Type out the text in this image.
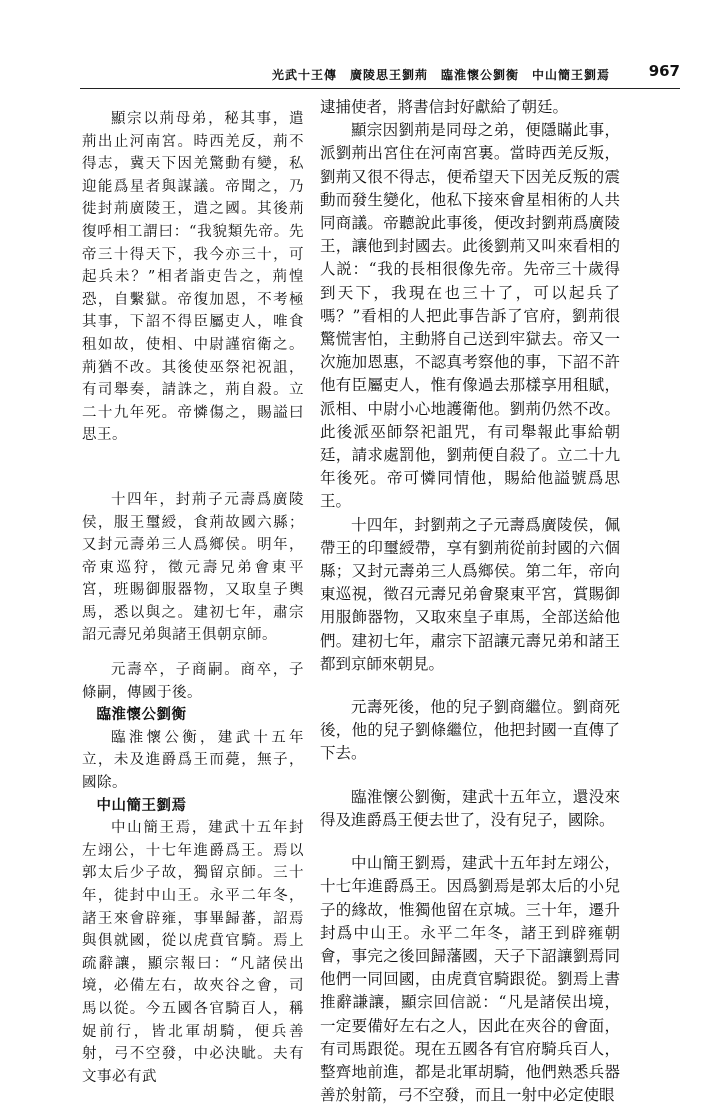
光武十王傳　廣陵思王劉荊　臨淮懷公劉衡　中山簡王劉焉	967

顯宗以荊母弟，秘其事，遣荊出止河南宮。時西羌反，荊不得志，冀天下因羌驚動有變，私迎能爲星者與謀議。帝聞之，乃徙封荊廣陵王，遣之國。其後荊復呼相工謂曰：“我貌類先帝。先帝三十得天下，我今亦三十，可起兵未？”相者詣吏告之，荊惶恐，自繫獄。帝復加恩，不考極其事，下詔不得臣屬吏人，唯食租如故，使相、中尉謹宿衛之。荊猶不改。其後使巫祭祀祝詛，有司舉奏，請誅之，荊自殺。立二十九年死。帝憐傷之，賜謚曰思王。

十四年，封荊子元壽爲廣陵侯，服王璽綬，食荊故國六縣；又封元壽弟三人爲鄉侯。明年，帝東巡狩，徵元壽兄弟會東平宮，班賜御服器物，又取皇子輿馬，悉以與之。建初七年，肅宗詔元壽兄弟與諸王俱朝京師。

元壽卒，子商嗣。商卒，子條嗣，傳國于後。

臨淮懷公劉衡

臨淮懷公衡，建武十五年立，未及進爵爲王而薨，無子，國除。

中山簡王劉焉

中山簡王焉，建武十五年封左翊公，十七年進爵爲王。焉以郭太后少子故，獨留京師。三十年，徙封中山王。永平二年冬，諸王來會辟雍，事畢歸蕃，詔焉與俱就國，從以虎賁官騎。焉上疏辭讓，顯宗報曰：“凡諸侯出境，必備左右，故夾谷之會，司馬以從。今五國各官騎百人，稱娖前行，皆北軍胡騎，便兵善射，弓不空發，中必決眦。夫有文事必有武

逮捕使者，將書信封好獻給了朝廷。

顯宗因劉荊是同母之弟，便隱瞞此事，派劉荊出宮住在河南宮裏。當時西羌反叛，劉荊又很不得志，便希望天下因羌反叛的震動而發生變化，他私下接來會星相術的人共同商議。帝聽說此事後，便改封劉荊爲廣陵王，讓他到封國去。此後劉荊又叫來看相的人説：“我的長相很像先帝。先帝三十歲得到天下，我現在也三十了，可以起兵了嗎？”看相的人把此事告訴了官府，劉荊很驚慌害怕，主動將自己送到牢獄去。帝又一次施加恩惠，不認真考察他的事，下詔不許他有臣屬吏人，惟有像過去那樣享用租賦，派相、中尉小心地護衛他。劉荊仍然不改。此後派巫師祭祀詛咒，有司舉報此事給朝廷，請求處罰他，劉荊便自殺了。立二十九年後死。帝可憐同情他，賜給他謚號爲思王。

十四年，封劉荊之子元壽爲廣陵侯，佩帶王的印璽綬帶，享有劉荊從前封國的六個縣；又封元壽弟三人爲鄉侯。第二年，帝向東巡視，徵召元壽兄弟會聚東平宮，賞賜御用服飾器物，又取來皇子車馬，全部送給他們。建初七年，肅宗下詔讓元壽兄弟和諸王都到京師來朝見。

元壽死後，他的兒子劉商繼位。劉商死後，他的兒子劉條繼位，他把封國一直傳了下去。

臨淮懷公劉衡，建武十五年立，還没來得及進爵爲王便去世了，没有兒子，國除。

中山簡王劉焉，建武十五年封左翊公，十七年進爵爲王。因爲劉焉是郭太后的小兒子的緣故，惟獨他留在京城。三十年，遷升封爲中山王。永平二年冬，諸王到辟雍朝會，事完之後回歸藩國，天子下詔讓劉焉同他們一同回國，由虎賁官騎跟從。劉焉上書推辭謙讓，顯宗回信説：“凡是諸侯出境，一定要備好左右之人，因此在夾谷的會面，有司馬跟從。現在五國各有官府騎兵百人，整齊地前進，都是北軍胡騎，他們熟悉兵器善於射箭，弓不空發，而且一射中必定使眼
